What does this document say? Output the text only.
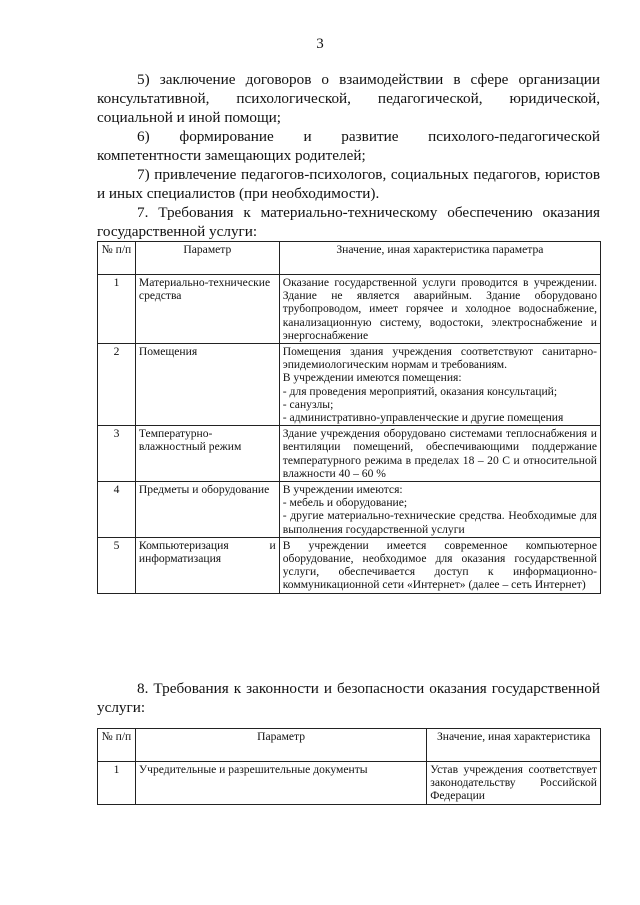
3

5) заключение договоров о взаимодействии в сфере организации консультативной, психологической, педагогической, юридической, социальной и иной помощи;

6) формирование и развитие психолого-педагогической компетентности замещающих родителей;

7) привлечение педагогов-психологов, социальных педагогов, юристов и иных специалистов (при необходимости).

7. Требования к материально-техническому обеспечению оказания государственной услуги:

№ п/п	Параметр	Значение, иная характеристика параметра
1	Материально-технические средства	Оказание государственной услуги проводится в учреждении. Здание не является аварийным. Здание оборудовано трубопроводом, имеет горячее и холодное водоснабжение, канализационную систему, водостоки, электроснабжение и энергоснабжение
2	Помещения	Помещения здания учреждения соответствуют санитарно-эпидемиологическим нормам и требованиям.
В учреждении имеются помещения:
- для проведения мероприятий, оказания консультаций;
- санузлы;
- административно-управленческие и другие помещения

3	Температурно-влажностный режим	Здание учреждения оборудовано системами теплоснабжения и вентиляции помещений, обеспечивающими поддержание температурного режима в пределах 18 – 20 С и относительной влажности 40 – 60 %
4	Предметы и оборудование	В учреждении имеются:
- мебель и оборудование;
- другие материально-технические средства. Необходимые для выполнения государственной услуги

5	Компьютеризация и информатизация	В учреждении имеется современное компьютерное оборудование, необходимое для оказания государственной услуги, обеспечивается доступ к информационно-коммуникационной сети «Интернет» (далее – сеть Интернет)

8. Требования к законности и безопасности оказания государственной услуги:

№ п/п	Параметр	Значение, иная характеристика
1	Учредительные и разрешительные документы	Устав учреждения соответствует законодательству Российской Федерации
